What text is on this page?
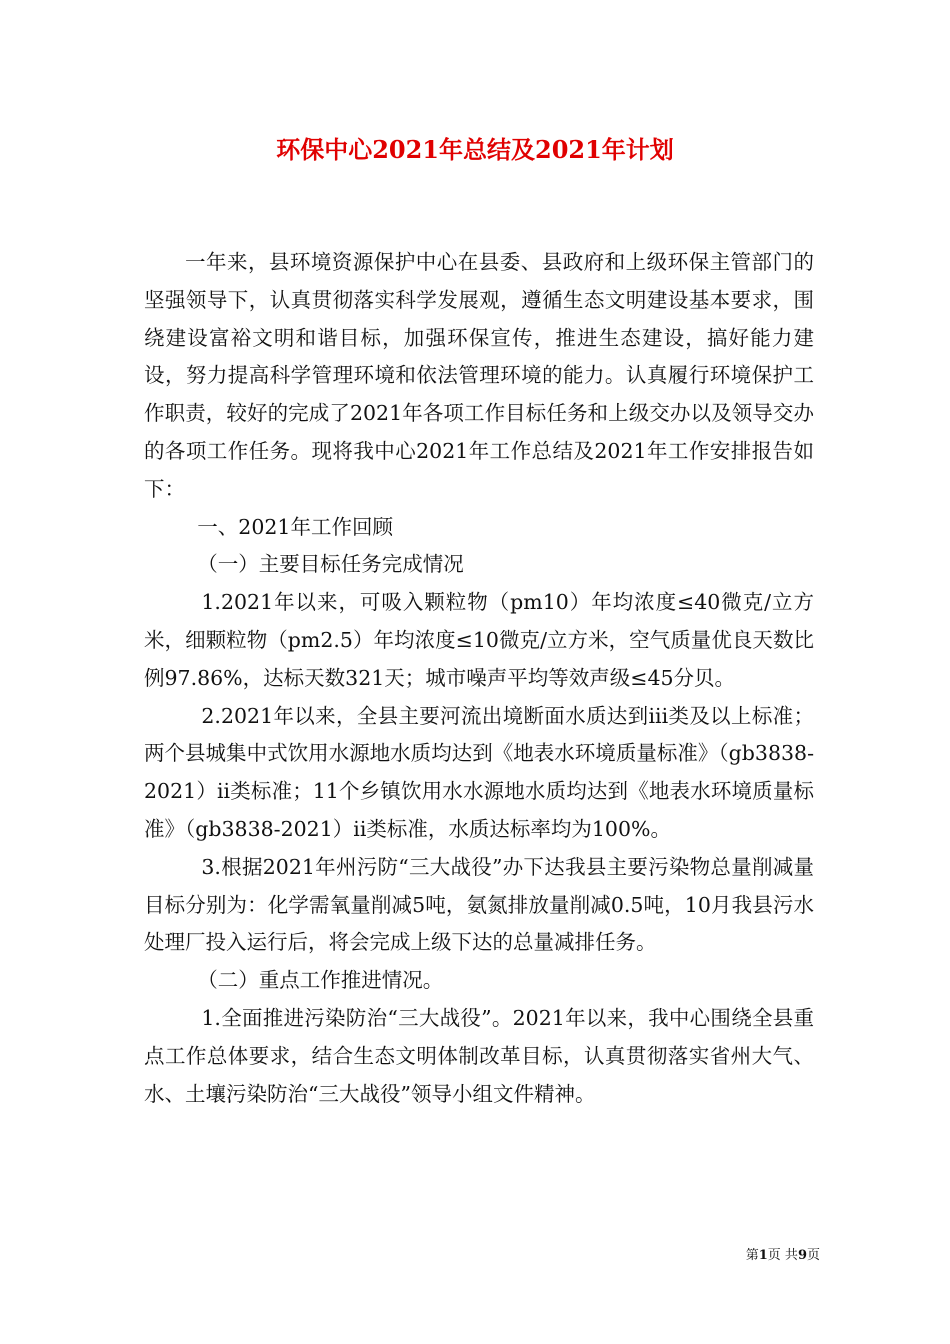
环保中心2021年总结及2021年计划

一年来，县环境资源保护中心在县委、县政府和上级环保主管部门的坚强领导下，认真贯彻落实科学发展观，遵循生态文明建设基本要求，围绕建设富裕文明和谐目标，加强环保宣传，推进生态建设，搞好能力建设，努力提高科学管理环境和依法管理环境的能力。认真履行环境保护工作职责，较好的完成了2021年各项工作目标任务和上级交办以及领导交办的各项工作任务。现将我中心2021年工作总结及2021年工作安排报告如下：

一、2021年工作回顾

（一）主要目标任务完成情况

1.2021年以来，可吸入颗粒物（pm10）年均浓度≤40微克/立方米，细颗粒物（pm2.5）年均浓度≤10微克/立方米，空气质量优良天数比例97.86%，达标天数321天；城市噪声平均等效声级≤45分贝。

2.2021年以来，全县主要河流出境断面水质达到iii类及以上标准；两个县城集中式饮用水源地水质均达到《地表水环境质量标准》（gb3838-2021）ii类标准；11个乡镇饮用水水源地水质均达到《地表水环境质量标准》（gb3838-2021）ii类标准，水质达标率均为100%。

3.根据2021年州污防“三大战役”办下达我县主要污染物总量削减量目标分别为：化学需氧量削减5吨，氨氮排放量削减0.5吨，10月我县污水处理厂投入运行后，将会完成上级下达的总量减排任务。

（二）重点工作推进情况。

1.全面推进污染防治“三大战役”。2021年以来，我中心围绕全县重点工作总体要求，结合生态文明体制改革目标，认真贯彻落实省州大气、水、土壤污染防治“三大战役”领导小组文件精神。

第1页 共9页
